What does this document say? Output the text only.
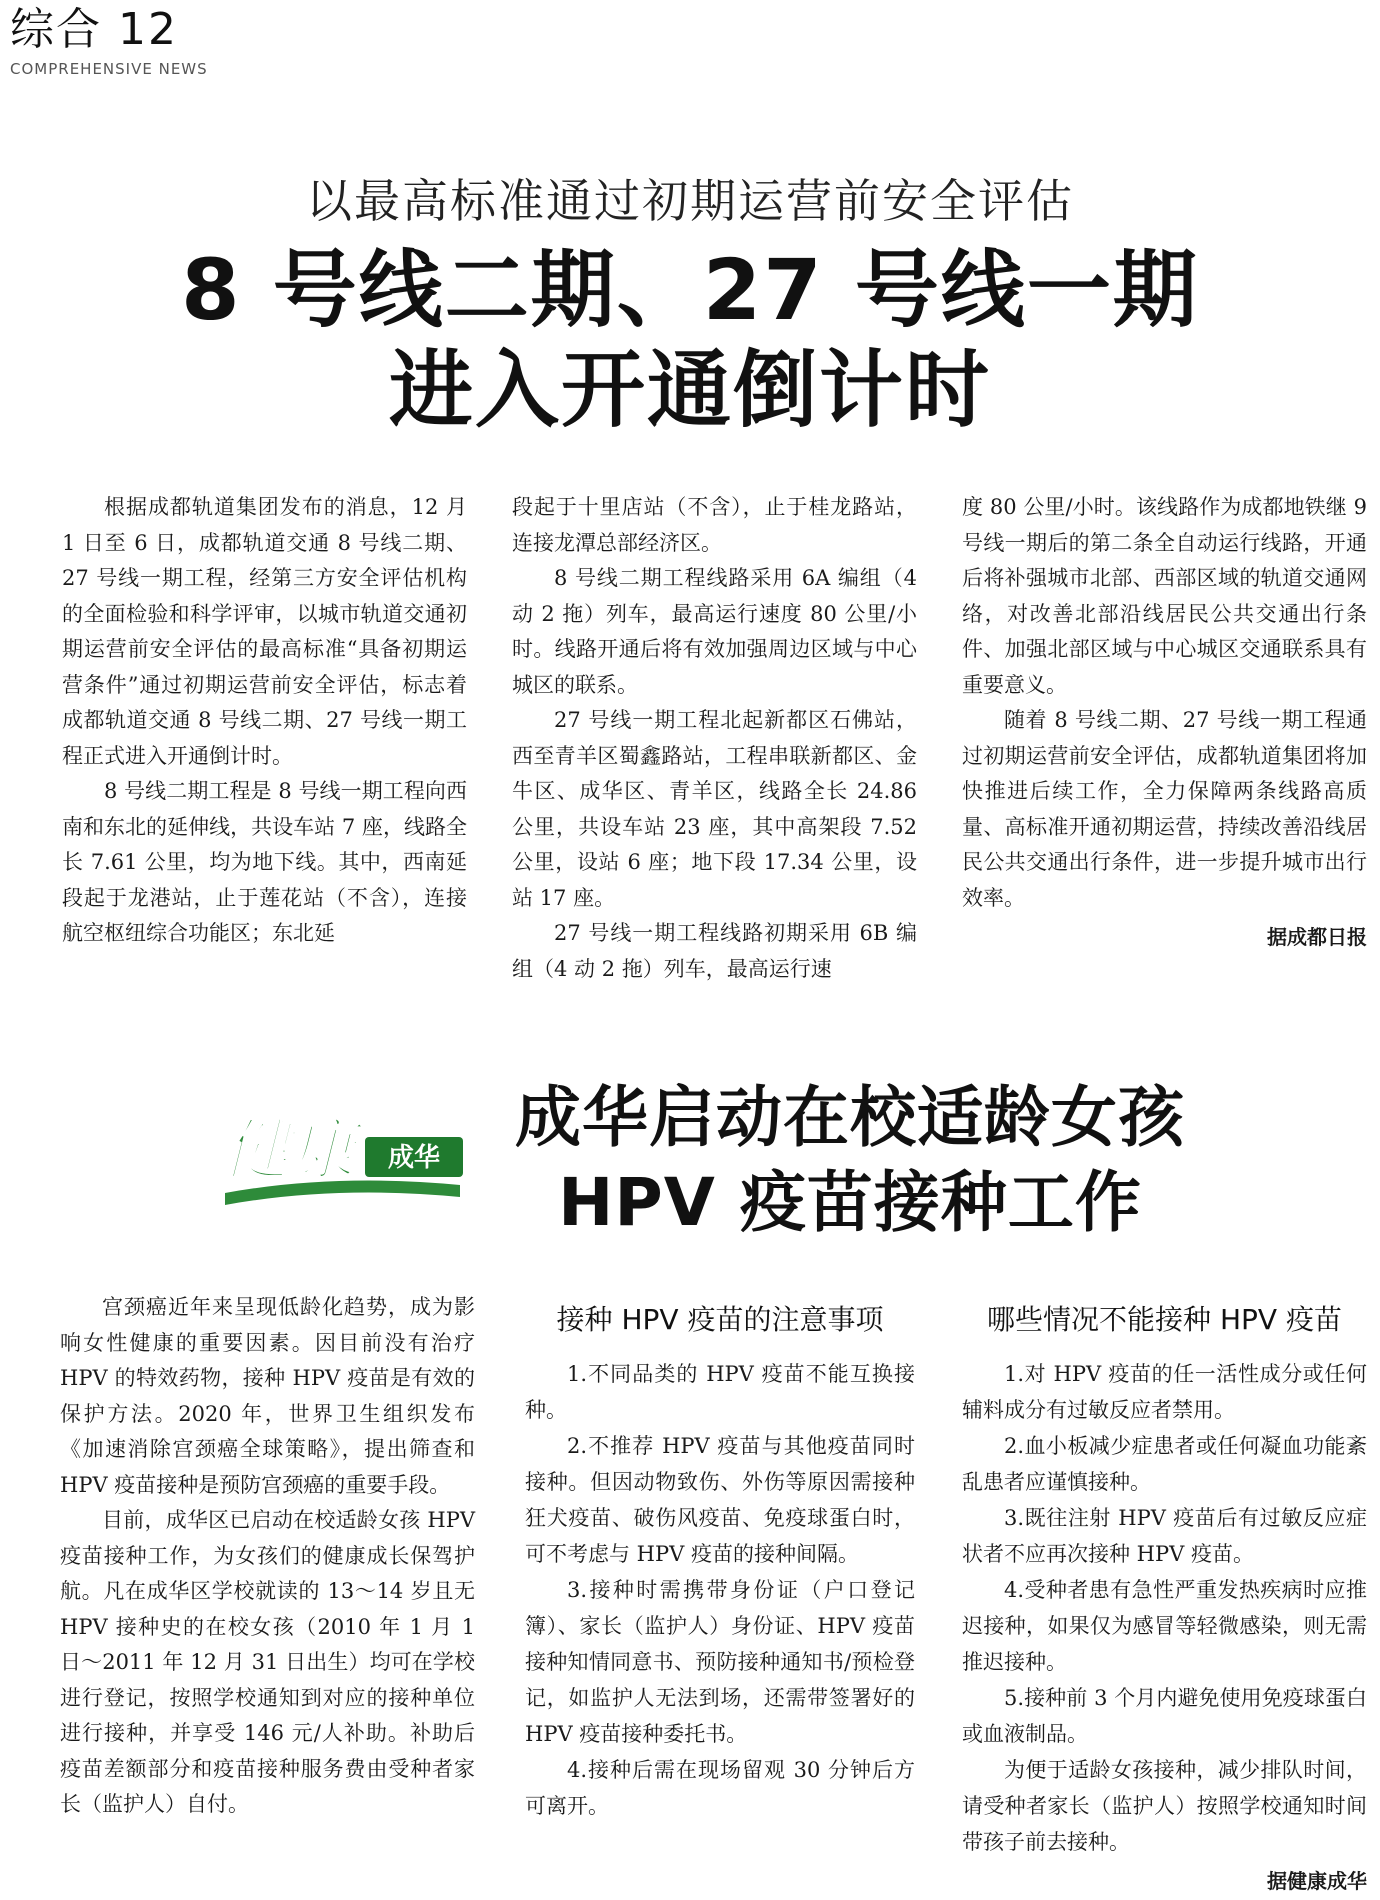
综合 12
COMPREHENSIVE NEWS
以最高标准通过初期运营前安全评估
8 号线二期、27 号线一期
进入开通倒计时

根据成都轨道集团发布的消息，12 月 1 日至 6 日，成都轨道交通 8 号线二期、27 号线一期工程，经第三方安全评估机构的全面检验和科学评审，以城市轨道交通初期运营前安全评估的最高标准“具备初期运营条件”通过初期运营前安全评估，标志着成都轨道交通 8 号线二期、27 号线一期工程正式进入开通倒计时。

8 号线二期工程是 8 号线一期工程向西南和东北的延伸线，共设车站 7 座，线路全长 7.61 公里，均为地下线。其中，西南延段起于龙港站，止于莲花站（不含），连接航空枢纽综合功能区；东北延

段起于十里店站（不含），止于桂龙路站，连接龙潭总部经济区。

8 号线二期工程线路采用 6A 编组（4 动 2 拖）列车，最高运行速度 80 公里/小时。线路开通后将有效加强周边区域与中心城区的联系。

27 号线一期工程北起新都区石佛站，西至青羊区蜀鑫路站，工程串联新都区、金牛区、成华区、青羊区，线路全长 24.86 公里，共设车站 23 座，其中高架段 7.52 公里，设站 6 座；地下段 17.34 公里，设站 17 座。

27 号线一期工程线路初期采用 6B 编组（4 动 2 拖）列车，最高运行速

度 80 公里/小时。该线路作为成都地铁继 9 号线一期后的第二条全自动运行线路，开通后将补强城市北部、西部区域的轨道交通网络，对改善北部沿线居民公共交通出行条件、加强北部区域与中心城区交通联系具有重要意义。

随着 8 号线二期、27 号线一期工程通过初期运营前安全评估，成都轨道集团将加快推进后续工作，全力保障两条线路高质量、高标准开通初期运营，持续改善沿线居民公共交通出行条件，进一步提升城市出行效率。

据成都日报
健康	成华
成华启动在校适龄女孩
HPV 疫苗接种工作

宫颈癌近年来呈现低龄化趋势，成为影响女性健康的重要因素。因目前没有治疗 HPV 的特效药物，接种 HPV 疫苗是有效的保护方法。2020 年，世界卫生组织发布《加速消除宫颈癌全球策略》，提出筛查和 HPV 疫苗接种是预防宫颈癌的重要手段。

目前，成华区已启动在校适龄女孩 HPV 疫苗接种工作，为女孩们的健康成长保驾护航。凡在成华区学校就读的 13～14 岁且无 HPV 接种史的在校女孩（2010 年 1 月 1 日～2011 年 12 月 31 日出生）均可在学校进行登记，按照学校通知到对应的接种单位进行接种，并享受 146 元/人补助。补助后疫苗差额部分和疫苗接种服务费由受种者家长（监护人）自付。

接种 HPV 疫苗的注意事项

1.不同品类的 HPV 疫苗不能互换接种。

2.不推荐 HPV 疫苗与其他疫苗同时接种。但因动物致伤、外伤等原因需接种狂犬疫苗、破伤风疫苗、免疫球蛋白时，可不考虑与 HPV 疫苗的接种间隔。

3.接种时需携带身份证（户口登记簿）、家长（监护人）身份证、HPV 疫苗接种知情同意书、预防接种通知书/预检登记，如监护人无法到场，还需带签署好的 HPV 疫苗接种委托书。

4.接种后需在现场留观 30 分钟后方可离开。

哪些情况不能接种 HPV 疫苗

1.对 HPV 疫苗的任一活性成分或任何辅料成分有过敏反应者禁用。

2.血小板减少症患者或任何凝血功能紊乱患者应谨慎接种。

3.既往注射 HPV 疫苗后有过敏反应症状者不应再次接种 HPV 疫苗。

4.受种者患有急性严重发热疾病时应推迟接种，如果仅为感冒等轻微感染，则无需推迟接种。

5.接种前 3 个月内避免使用免疫球蛋白或血液制品。

为便于适龄女孩接种，减少排队时间，请受种者家长（监护人）按照学校通知时间带孩子前去接种。

据健康成华
